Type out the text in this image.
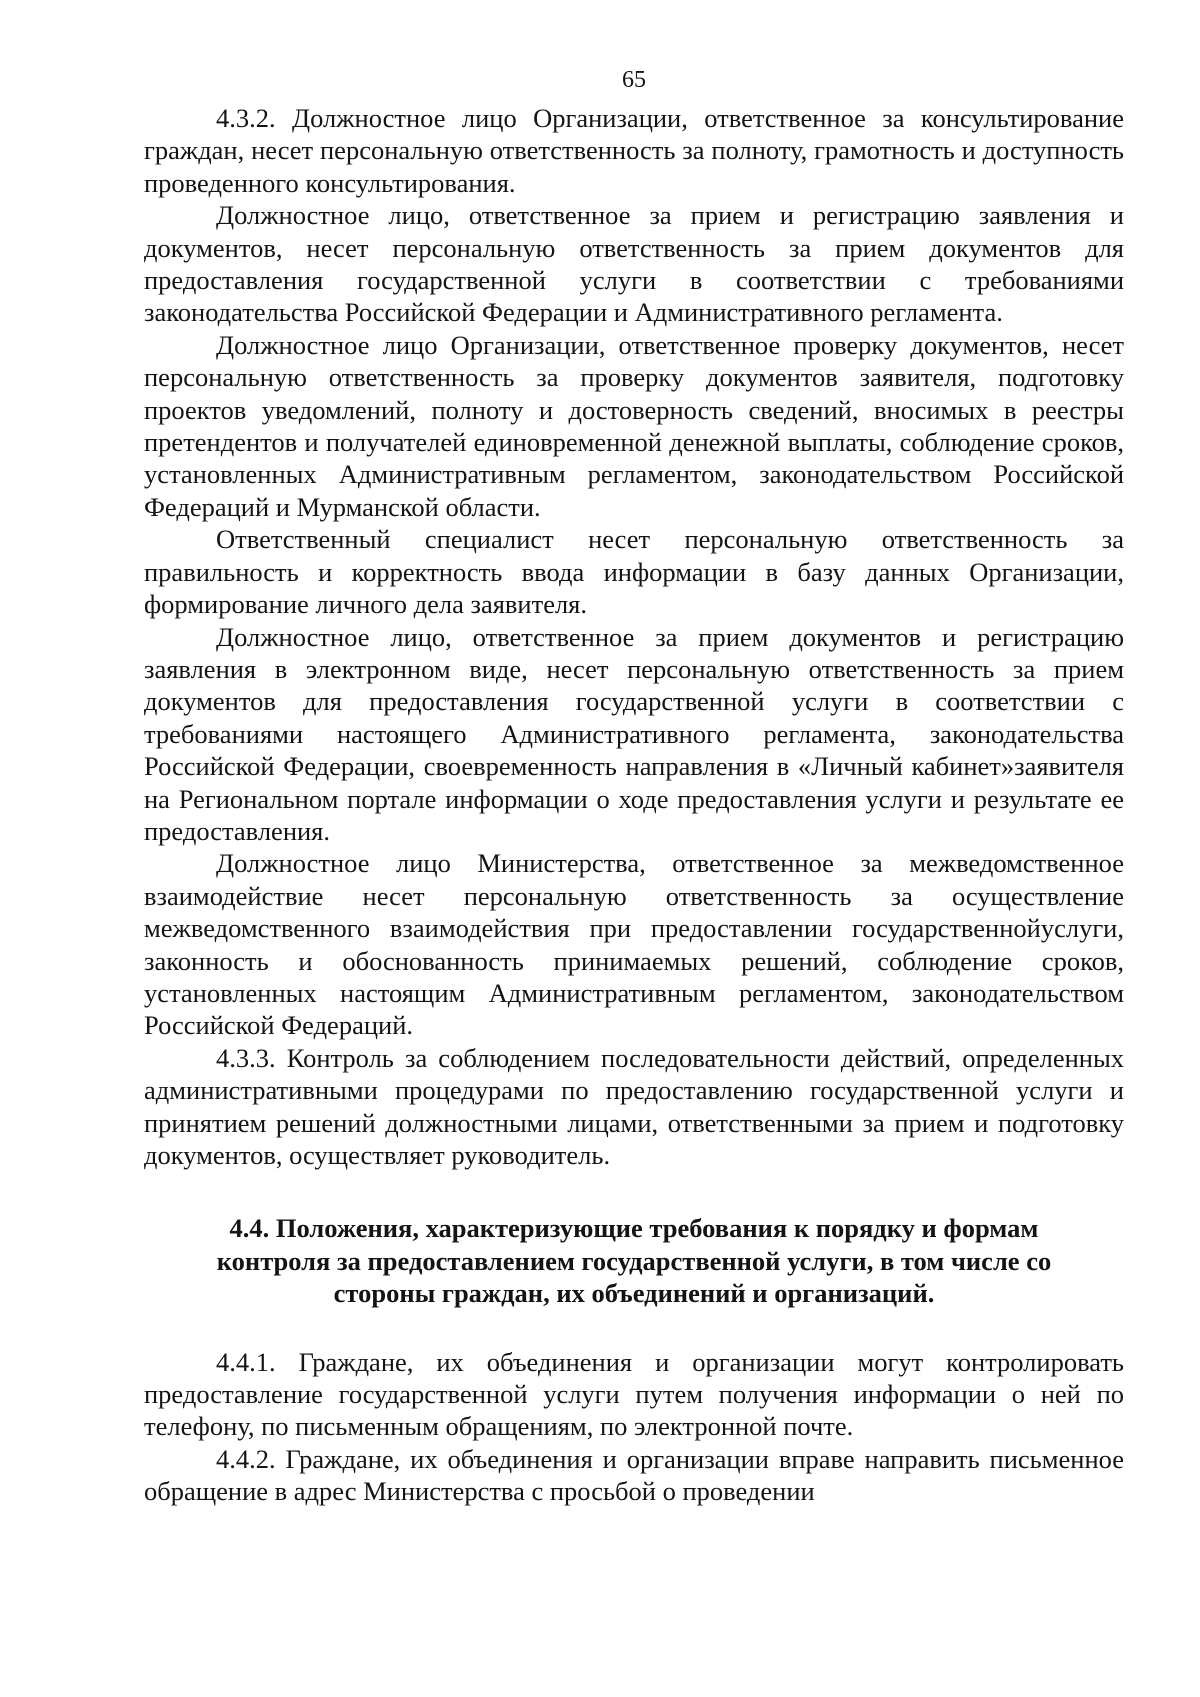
65

4.3.2. Должностное лицо Организации, ответственное за консультирование граждан, несет персональную ответственность за полноту, грамотность и доступность проведенного консультирования.

Должностное лицо, ответственное за прием и регистрацию заявления и документов, несет персональную ответственность за прием документов для предоставления государственной услуги в соответствии с требованиями законодательства Российской Федерации и Административного регламента.

Должностное лицо Организации, ответственное проверку документов, несет персональную ответственность за проверку документов заявителя, подготовку проектов уведомлений, полноту и достоверность сведений, вносимых в реестры претендентов и получателей единовременной денежной выплаты, соблюдение сроков, установленных Административным регламентом, законодательством Российской Федераций и Мурманской области.

Ответственный специалист несет персональную ответственность за правильность и корректность ввода информации в базу данных Организации, формирование личного дела заявителя.

Должностное лицо, ответственное за прием документов и регистрацию заявления в электронном виде, несет персональную ответственность за прием документов для предоставления государственной услуги в соответствии с требованиями настоящего Административного регламента, законодательства Российской Федерации, своевременность направления в «Личный кабинет»заявителя на Региональном портале информации о ходе предоставления услуги и результате ее предоставления.

Должностное лицо Министерства, ответственное за межведомственное взаимодействие несет персональную ответственность за осуществление межведомственного взаимодействия при предоставлении государственнойуслуги, законность и обоснованность принимаемых решений, соблюдение сроков, установленных настоящим Административным регламентом, законодательством Российской Федераций.

4.3.3. Контроль за соблюдением последовательности действий, определенных административными процедурами по предоставлению государственной услуги и принятием решений должностными лицами, ответственными за прием и подготовку документов, осуществляет руководитель.

4.4. Положения, характеризующие требования к порядку и формам
контроля за предоставлением государственной услуги, в том числе со
стороны граждан, их объединений и организаций.

4.4.1. Граждане, их объединения и организации могут контролировать предоставление государственной услуги путем получения информации о ней по телефону, по письменным обращениям, по электронной почте.

4.4.2. Граждане, их объединения и организации вправе направить письменное обращение в адрес Министерства с просьбой о проведении
